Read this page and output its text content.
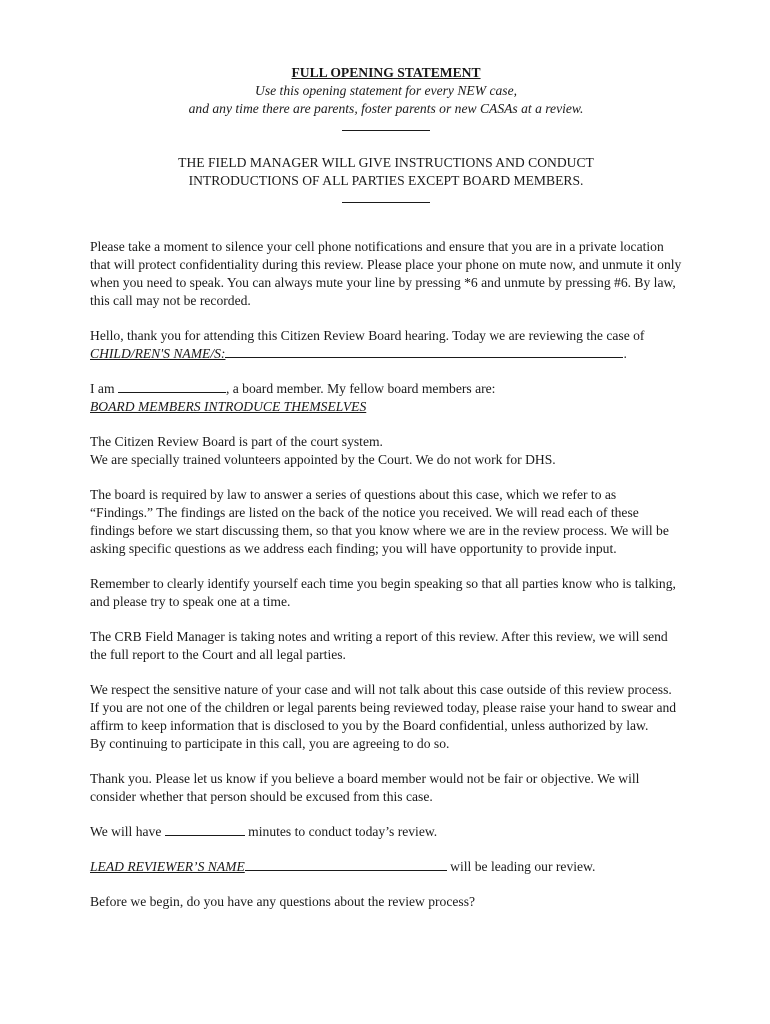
FULL OPENING STATEMENT
Use this opening statement for every NEW case,
and any time there are parents, foster parents or new CASAs at a review.
THE FIELD MANAGER WILL GIVE INSTRUCTIONS AND CONDUCT
INTRODUCTIONS OF ALL PARTIES EXCEPT BOARD MEMBERS.

Please take a moment to silence your cell phone notifications and ensure that you are in a private location that will protect confidentiality during this review. Please place your phone on mute now, and unmute it only when you need to speak. You can always mute your line by pressing *6 and unmute by pressing #6. By law, this call may not be recorded.

Hello, thank you for attending this Citizen Review Board hearing. Today we are reviewing the case of CHILD/REN'S NAME/S:	.

I am	, a board member. My fellow board members are:
BOARD MEMBERS INTRODUCE THEMSELVES

The Citizen Review Board is part of the court system.
We are specially trained volunteers appointed by the Court. We do not work for DHS.

The board is required by law to answer a series of questions about this case, which we refer to as “Findings.” The findings are listed on the back of the notice you received. We will read each of these findings before we start discussing them, so that you know where we are in the review process. We will be asking specific questions as we address each finding; you will have opportunity to provide input.

Remember to clearly identify yourself each time you begin speaking so that all parties know who is talking, and please try to speak one at a time.

The CRB Field Manager is taking notes and writing a report of this review. After this review, we will send the full report to the Court and all legal parties.

We respect the sensitive nature of your case and will not talk about this case outside of this review process. If you are not one of the children or legal parents being reviewed today, please raise your hand to swear and affirm to keep information that is disclosed to you by the Board confidential, unless authorized by law.
By continuing to participate in this call, you are agreeing to do so.

Thank you. Please let us know if you believe a board member would not be fair or objective. We will consider whether that person should be excused from this case.

We will have	minutes to conduct today’s review.

LEAD REVIEWER’S NAME	will be leading our review.

Before we begin, do you have any questions about the review process?
